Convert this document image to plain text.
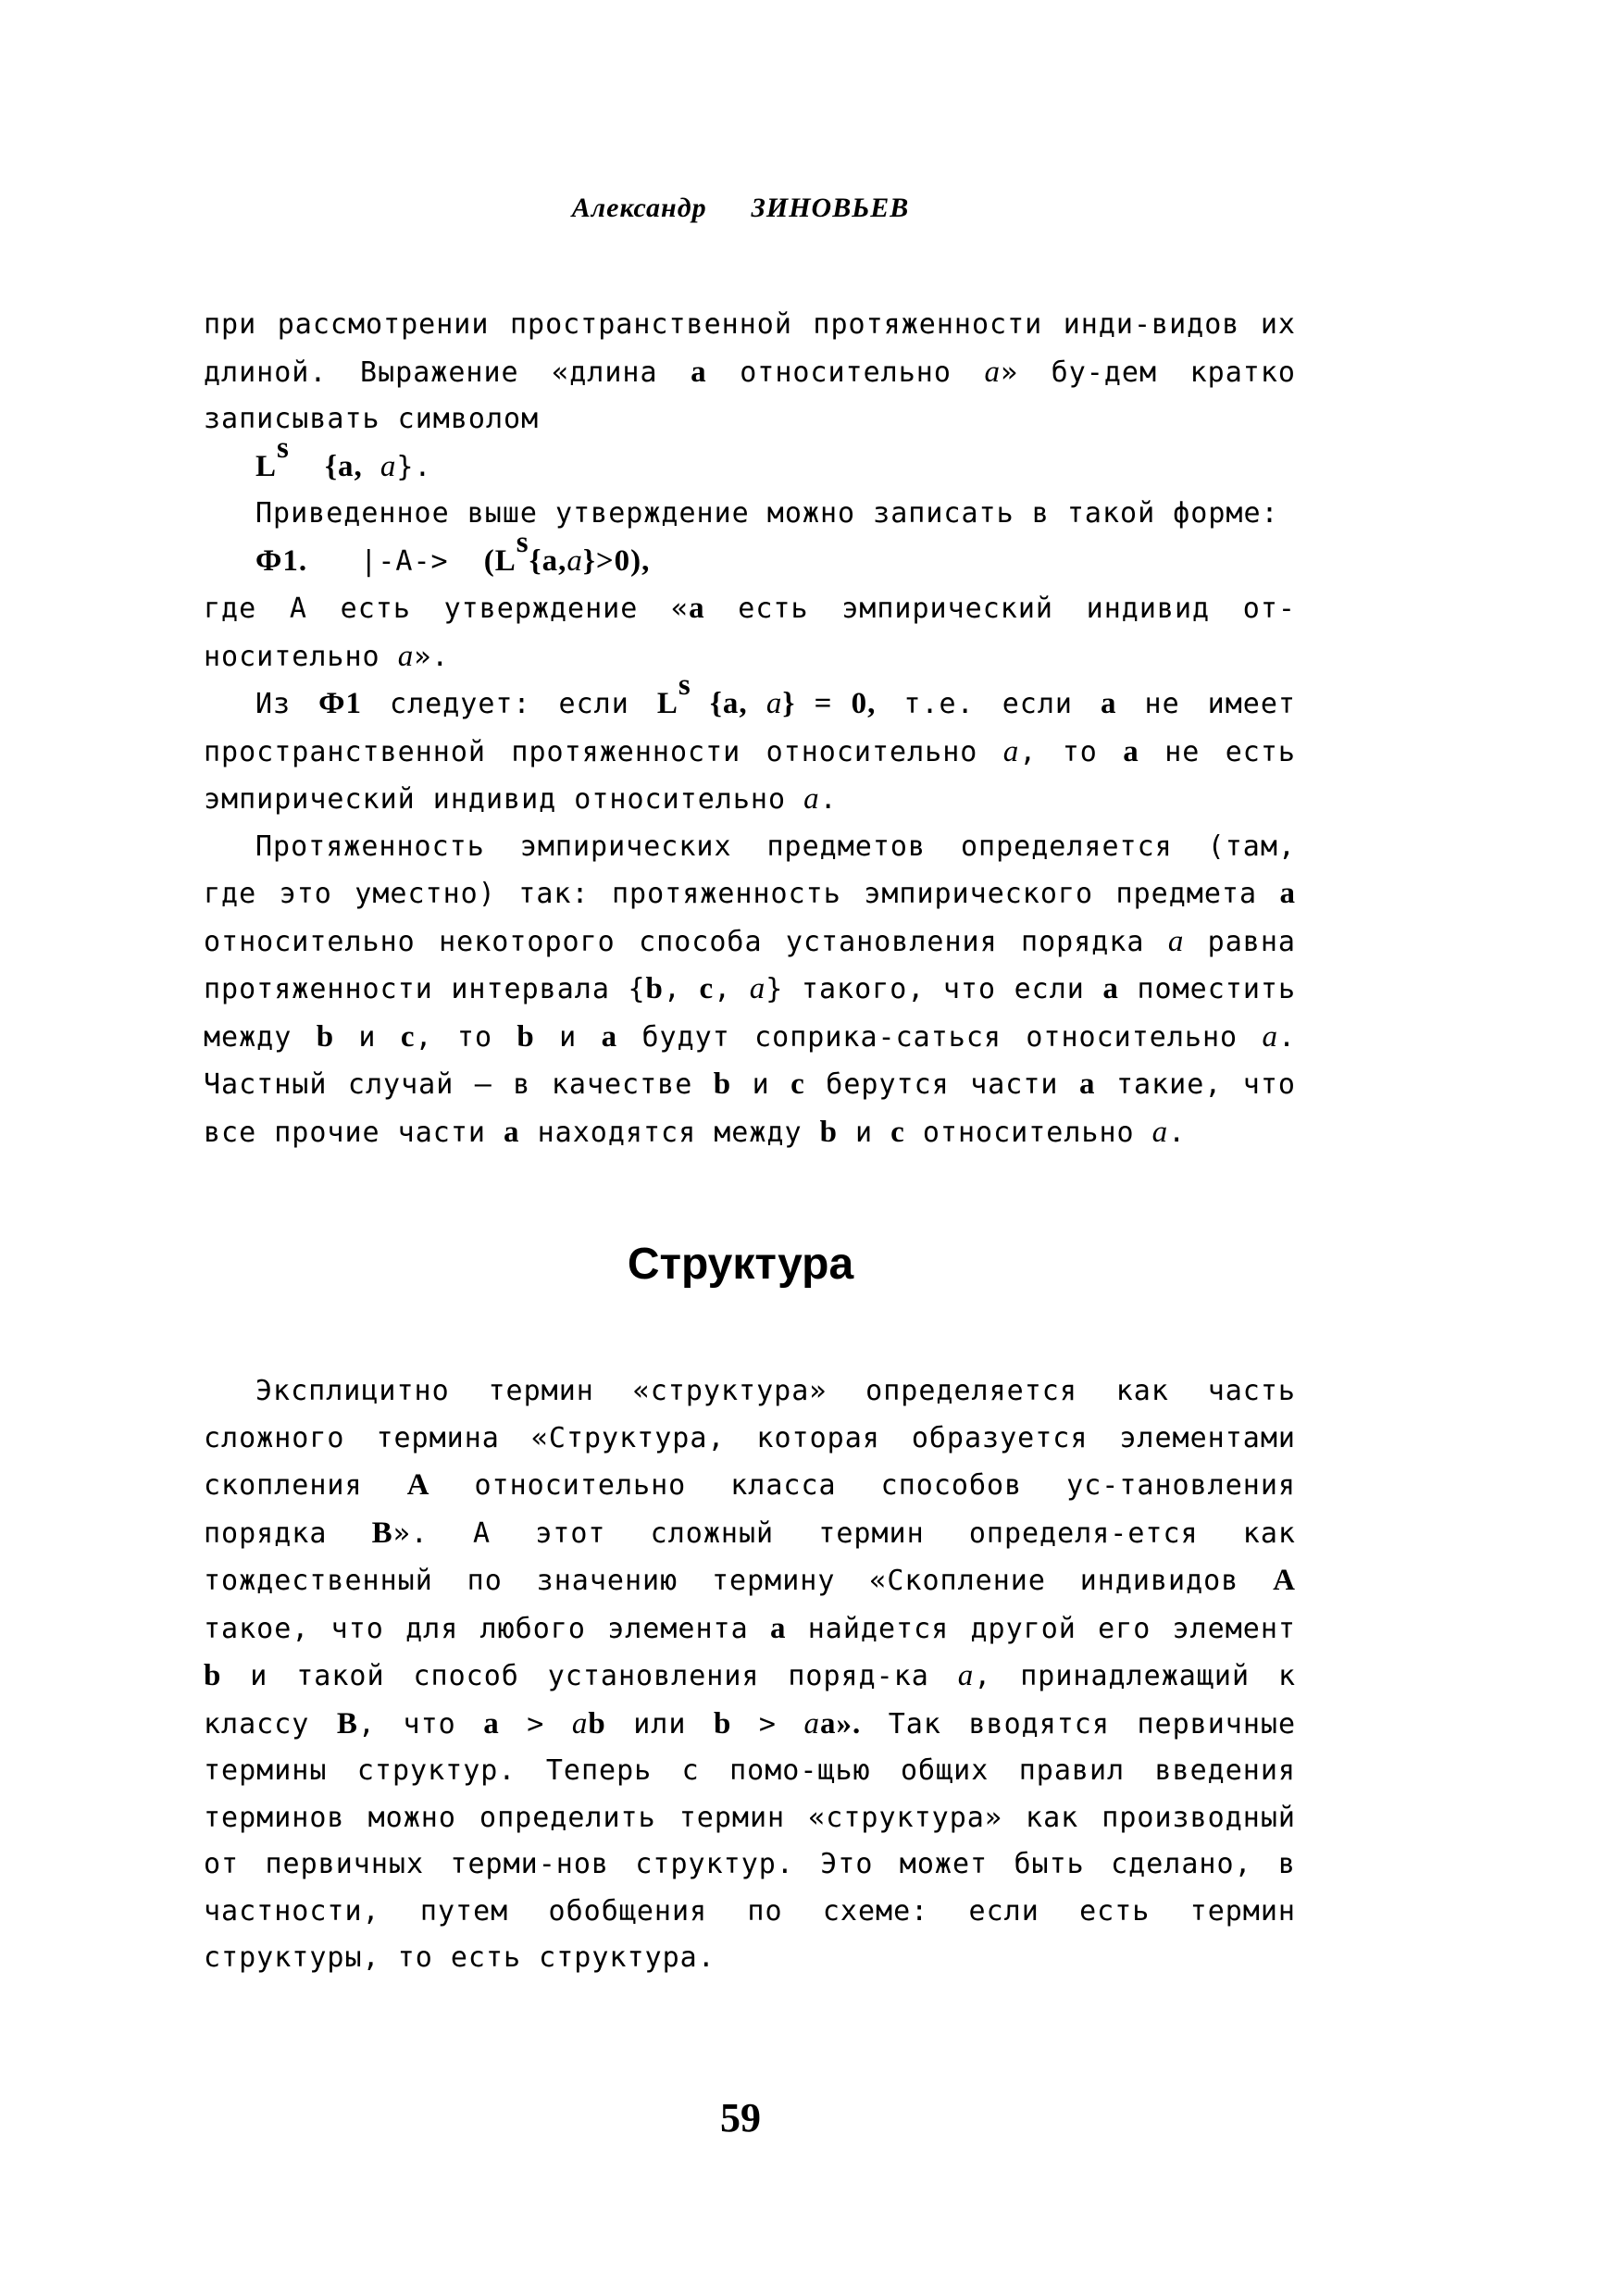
Александр ЗИНОВЬЕВ

при рассмотрении пространственной протяженности инди-видов их длиной. Выражение «длина a относительно a» бу-дем кратко записывать символом

$L^s$  {a, a}.

Приведенное выше утверждение можно записать в такой форме:

Ф1. $|-А-> (L^s\{a,a\}>0)$,

где А есть утверждение «a есть эмпирический индивид от-носительно a».

Из Ф1 следует: если $L^s$ {a, a} = 0, т.е. если a не имеет пространственной протяженности относительно a, то a не есть эмпирический индивид относительно a.

Протяженность эмпирических предметов определяется (там, где это уместно) так: протяженность эмпирического предмета a относительно некоторого способа установления порядка a равна протяженности интервала {b, c, a} такого, что если a поместить между b и c, то b и a будут соприка-саться относительно a. Частный случай — в качестве b и c берутся части a такие, что все прочие части a находятся между b и c относительно a.

Структура

Эксплицитно термин «структура» определяется как часть сложного термина «Структура, которая образуется элементами скопления A относительно класса способов ус-тановления порядка B». А этот сложный термин определя-ется как тождественный по значению термину «Скопление индивидов A такое, что для любого элемента a найдется другой его элемент b и такой способ установления поряд-ка a, принадлежащий к классу B, что a > ab или b > aa». Так вводятся первичные термины структур. Теперь с помо-щью общих правил введения терминов можно определить термин «структура» как производный от первичных терми-нов структур. Это может быть сделано, в частности, путем обобщения по схеме: если есть термин структуры, то есть структура.

59
